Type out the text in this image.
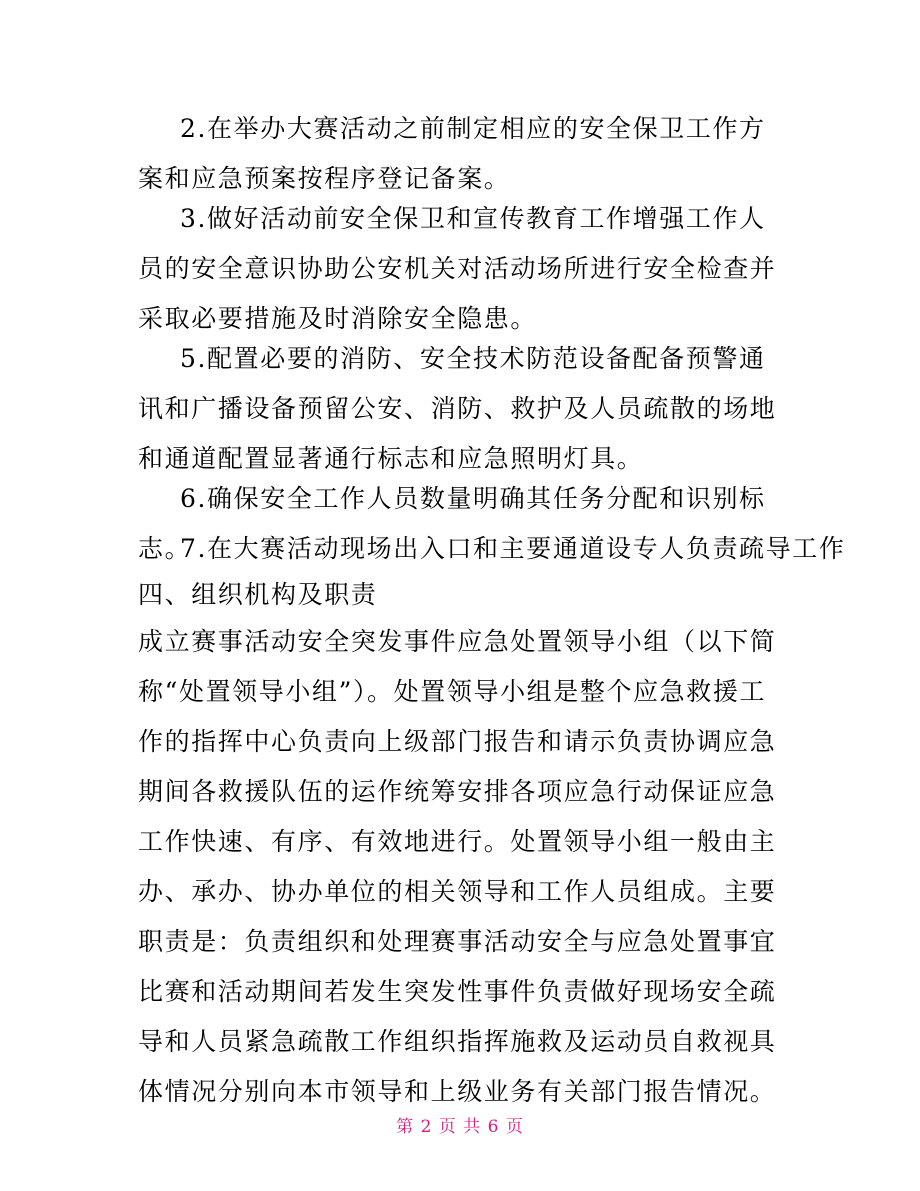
2.在举办大赛活动之前制定相应的安全保卫工作方案和应急预案按程序登记备案。

3.做好活动前安全保卫和宣传教育工作增强工作人员的安全意识协助公安机关对活动场所进行安全检查并采取必要措施及时消除安全隐患。

5.配置必要的消防、安全技术防范设备配备预警通讯和广播设备预留公安、消防、救护及人员疏散的场地和通道配置显著通行标志和应急照明灯具。

6.确保安全工作人员数量明确其任务分配和识别标志。

7.在大赛活动现场出入口和主要通道设专人负责疏导工作

四、组织机构及职责

成立赛事活动安全突发事件应急处置领导小组（以下简称“处置领导小组”）。处置领导小组是整个应急救援工作的指挥中心负责向上级部门报告和请示负责协调应急期间各救援队伍的运作统筹安排各项应急行动保证应急工作快速、有序、有效地进行。处置领导小组一般由主办、承办、协办单位的相关领导和工作人员组成。主要职责是：负责组织和处理赛事活动安全与应急处置事宜比赛和活动期间若发生突发性事件负责做好现场安全疏导和人员紧急疏散工作组织指挥施救及运动员自救视具体情况分别向本市领导和上级业务有关部门报告情况。

第 2 页 共 6 页
